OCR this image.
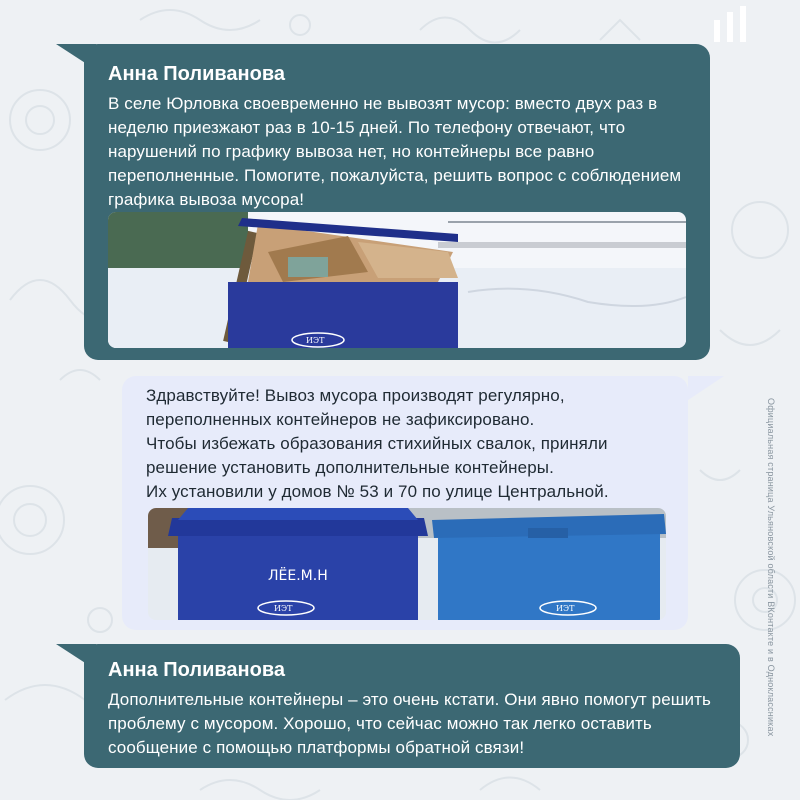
Анна Поливанова

В селе Юрловка своевременно не вывозят мусор: вместо двух раз в неделю приезжают раз в 10-15 дней. По телефону отвечают, что нарушений по графику вывоза нет, но контейнеры все равно переполненные. Помогите, пожалуйста, решить вопрос с соблюдением графика вывоза мусора!

ИЭТ

Здравствуйте! Вывоз мусора производят регулярно, переполненных контейнеров не зафиксировано.
Чтобы избежать образования стихийных свалок, приняли решение установить дополнительные контейнеры.
Их установили у домов № 53 и 70 по улице Центральной.

ЛЁЕ.М.Н
ИЭТ	ИЭТ
Анна Поливанова

Дополнительные контейнеры – это очень кстати. Они явно помогут решить проблему с мусором. Хорошо, что сейчас можно так легко оставить сообщение с помощью платформы обратной связи!

Официальная страница Ульяновской области ВКонтакте и в Одноклассниках
